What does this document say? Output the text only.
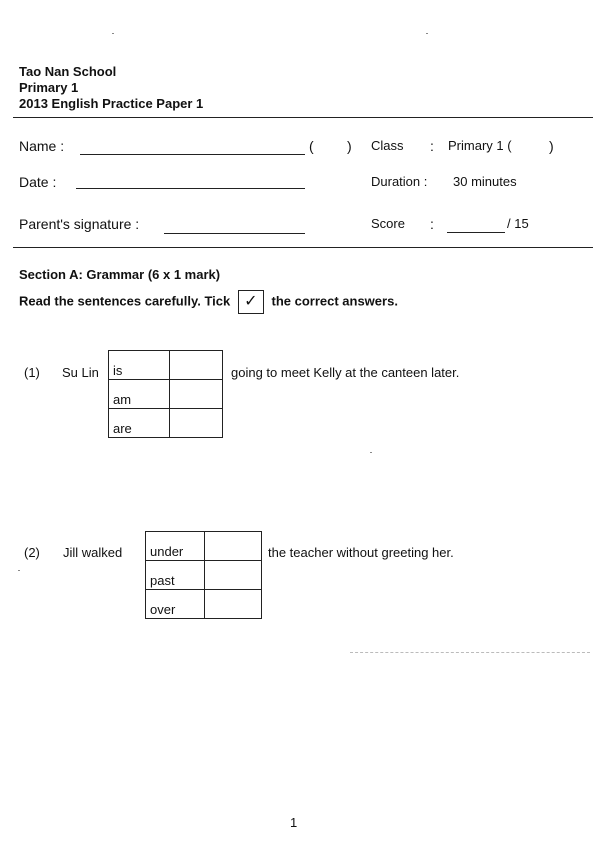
Tao Nan School
Primary 1
2013 English Practice Paper 1
Name :	( ) Class : Primary 1 (	)
Date :	Duration : 30 minutes
Parent's signature :	Score :	/ 15
Section A: Grammar (6 x 1 mark)
Read the sentences carefully. Tick ✓ the correct answers.
(1) Su Lin is	
am	
are	
going to meet Kelly at the canteen later.
(2) Jill walked under	
past	
over	
the teacher without greeting her.
1
